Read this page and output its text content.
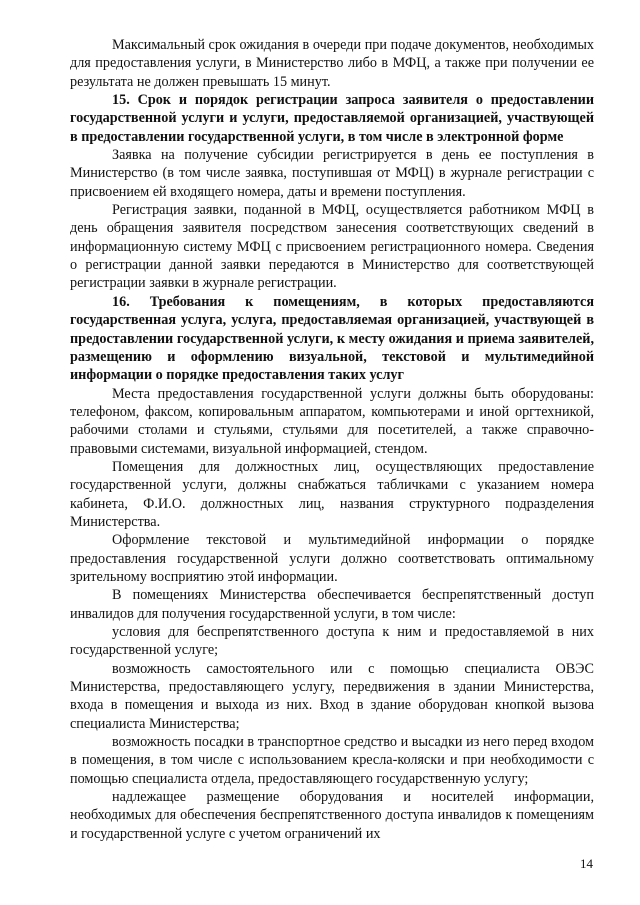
Максимальный срок ожидания в очереди при подаче документов, необходимых для предоставления услуги, в Министерство либо в МФЦ, а также при получении ее результата не должен превышать 15 минут.

15. Срок и порядок регистрации запроса заявителя о предоставлении государственной услуги и услуги, предоставляемой организацией, участвующей в предоставлении государственной услуги, в том числе в электронной форме

Заявка на получение субсидии регистрируется в день ее поступления в Министерство (в том числе заявка, поступившая от МФЦ) в журнале регистрации с присвоением ей входящего номера, даты и времени поступления.

Регистрация заявки, поданной в МФЦ, осуществляется работником МФЦ в день обращения заявителя посредством занесения соответствующих сведений в информационную систему МФЦ с присвоением регистрационного номера. Сведения о регистрации данной заявки передаются в Министерство для соответствующей регистрации заявки в журнале регистрации.

16. Требования к помещениям, в которых предоставляются государственная услуга, услуга, предоставляемая организацией, участвующей в предоставлении государственной услуги, к месту ожидания и приема заявителей, размещению и оформлению визуальной, текстовой и мультимедийной информации о порядке предоставления таких услуг

Места предоставления государственной услуги должны быть оборудованы: телефоном, факсом, копировальным аппаратом, компьютерами и иной оргтехникой, рабочими столами и стульями, стульями для посетителей, а также справочно-правовыми системами, визуальной информацией, стендом.

Помещения для должностных лиц, осуществляющих предоставление государственной услуги, должны снабжаться табличками с указанием номера кабинета, Ф.И.О. должностных лиц, названия структурного подразделения Министерства.

Оформление текстовой и мультимедийной информации о порядке предоставления государственной услуги должно соответствовать оптимальному зрительному восприятию этой информации.

В помещениях Министерства обеспечивается беспрепятственный доступ инвалидов для получения государственной услуги, в том числе:

условия для беспрепятственного доступа к ним и предоставляемой в них государственной услуге;

возможность самостоятельного или с помощью специалиста ОВЭС Министерства, предоставляющего услугу, передвижения в здании Министерства, входа в помещения и выхода из них. Вход в здание оборудован кнопкой вызова специалиста Министерства;

возможность посадки в транспортное средство и высадки из него перед входом в помещения, в том числе с использованием кресла-коляски и при необходимости с помощью специалиста отдела, предоставляющего государственную услугу;

надлежащее размещение оборудования и носителей информации, необходимых для обеспечения беспрепятственного доступа инвалидов к помещениям и государственной услуге с учетом ограничений их

14
